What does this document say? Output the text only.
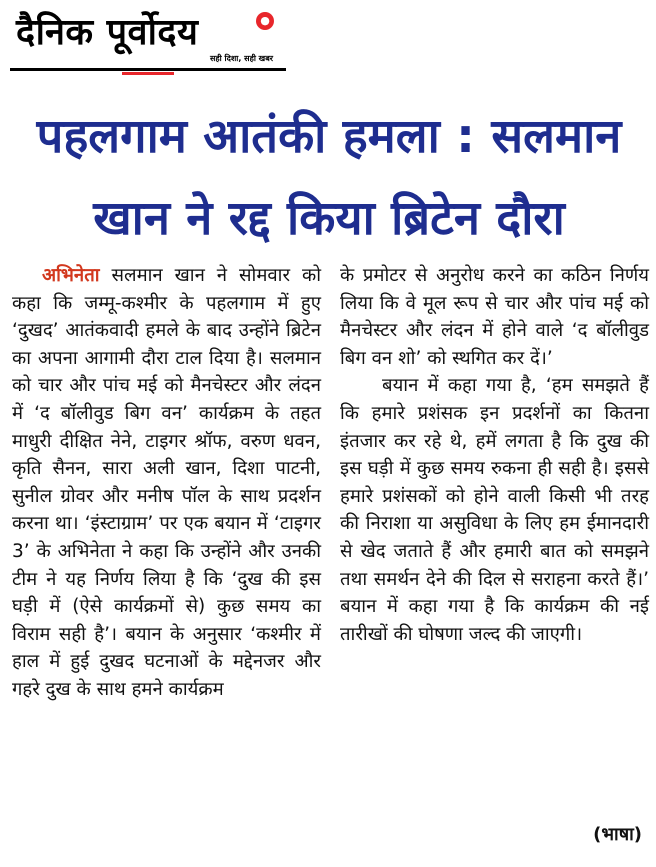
दैनिक पूर्वोदय	●
सही दिशा, सही खबर
पहलगाम आतंकी हमला : सलमान
खान ने रद्द किया ब्रिटेन दौरा

अभिनेता सलमान खान ने सोमवार को कहा कि जम्मू-कश्मीर के पहलगाम में हुए ‘दुखद’ आतंकवादी हमले के बाद उन्होंने ब्रिटेन का अपना आगामी दौरा टाल दिया है। सलमान को चार और पांच मई को मैनचेस्टर और लंदन में ‘द बॉलीवुड बिग वन’ कार्यक्रम के तहत माधुरी दीक्षित नेने, टाइगर श्रॉफ, वरुण धवन, कृति सैनन, सारा अली खान, दिशा पाटनी, सुनील ग्रोवर और मनीष पॉल के साथ प्रदर्शन करना था। ‘इंस्टाग्राम’ पर एक बयान में ‘टाइगर 3’ के अभिनेता ने कहा कि उन्होंने और उनकी टीम ने यह निर्णय लिया है कि ‘दुख की इस घड़ी में (ऐसे कार्यक्रमों से) कुछ समय का विराम सही है’। बयान के अनुसार ‘कश्मीर में हाल में हुई दुखद घटनाओं के मद्देनजर और गहरे दुख के साथ हमने कार्यक्रम

के प्रमोटर से अनुरोध करने का कठिन निर्णय लिया कि वे मूल रूप से चार और पांच मई को मैनचेस्टर और लंदन में होने वाले ‘द बॉलीवुड बिग वन शो’ को स्थगित कर दें।’

बयान में कहा गया है, ‘हम समझते हैं कि हमारे प्रशंसक इन प्रदर्शनों का कितना इंतजार कर रहे थे, हमें लगता है कि दुख की इस घड़ी में कुछ समय रुकना ही सही है। इससे हमारे प्रशंसकों को होने वाली किसी भी तरह की निराशा या असुविधा के लिए हम ईमानदारी से खेद जताते हैं और हमारी बात को समझने तथा समर्थन देने की दिल से सराहना करते हैं।’ बयान में कहा गया है कि कार्यक्रम की नई तारीखों की घोषणा जल्द की जाएगी।

(भाषा)
